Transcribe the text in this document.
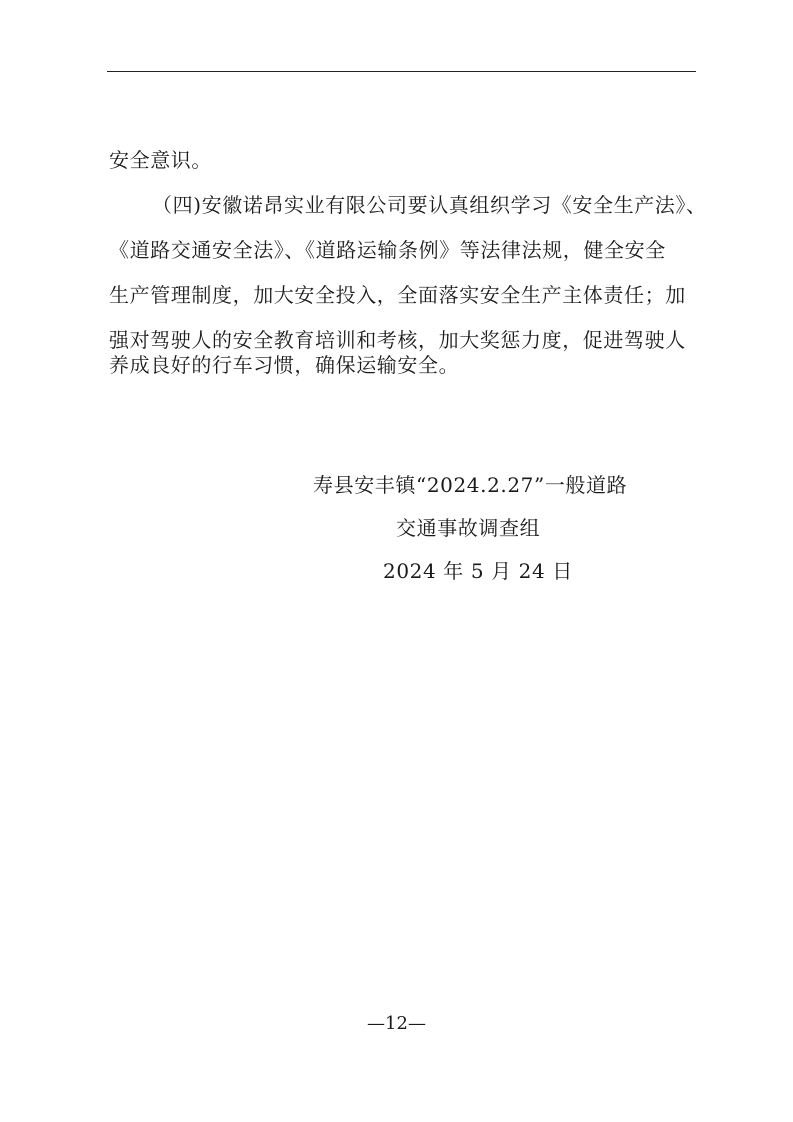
安全意识。
（四)安徽诺昂实业有限公司要认真组织学习《安全生产法》、
《道路交通安全法》、《道路运输条例》等法律法规，健全安全
生产管理制度，加大安全投入，全面落实安全生产主体责任；加
强对驾驶人的安全教育培训和考核，加大奖惩力度，促进驾驶人
养成良好的行车习惯，确保运输安全。
寿县安丰镇“2024.2.27”一般道路
交通事故调查组
2024 年 5 月 24 日
—12—
